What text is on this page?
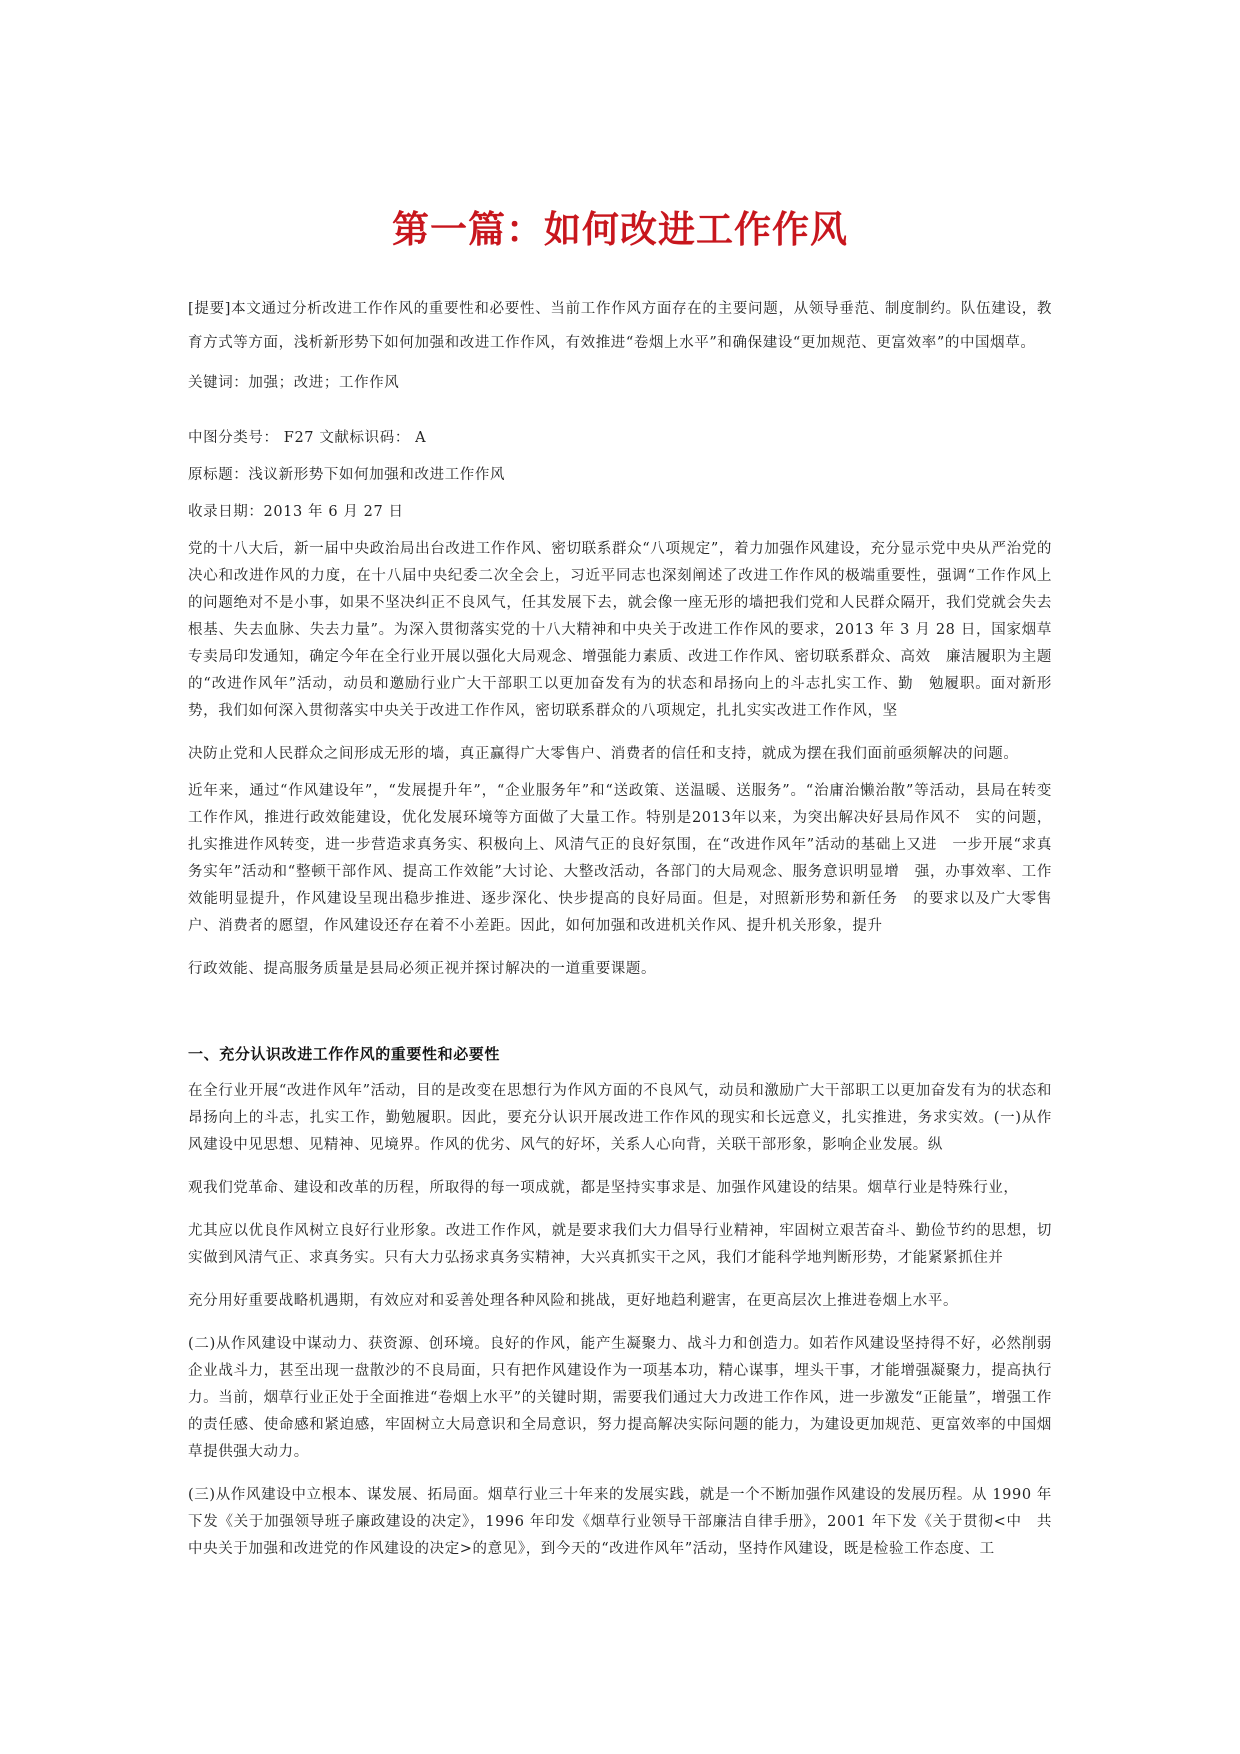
第一篇：如何改进工作作风

[提要]本文通过分析改进工作作风的重要性和必要性、当前工作作风方面存在的主要问题，从领导垂范、制度制约。队伍建设，教育方式等方面，浅析新形势下如何加强和改进工作作风，有效推进“卷烟上水平”和确保建设“更加规范、更富效率”的中国烟草。

关键词：加强；改进；工作作风

中图分类号： F27 文献标识码： A

原标题：浅议新形势下如何加强和改进工作作风

收录日期：2013 年 6 月 27 日

党的十八大后，新一届中央政治局出台改进工作作风、密切联系群众“八项规定”，着力加强作风建设，充分显示党中央从严治党的决心和改进作风的力度，在十八届中央纪委二次全会上，习近平同志也深刻阐述了改进工作作风的极端重要性，强调“工作作风上的问题绝对不是小事，如果不坚决纠正不良风气，任其发展下去，就会像一座无形的墙把我们党和人民群众隔开，我们党就会失去根基、失去血脉、失去力量”。为深入贯彻落实党的十八大精神和中央关于改进工作作风的要求，2013 年 3 月 28 日，国家烟草专卖局印发通知，确定今年在全行业开展以强化大局观念、增强能力素质、改进工作作风、密切联系群众、高效　廉洁履职为主题的“改进作风年”活动，动员和邀励行业广大干部职工以更加奋发有为的状态和昂扬向上的斗志扎实工作、勤　勉履职。面对新形势，我们如何深入贯彻落实中央关于改进工作作风，密切联系群众的八项规定，扎扎实实改进工作作风，坚

决防止党和人民群众之间形成无形的墙，真正赢得广大零售户、消费者的信任和支持，就成为摆在我们面前亟须解决的问题。

近年来，通过“作风建设年”，“发展提升年”，“企业服务年”和“送政策、送温暖、送服务”。“治庸治懒治散”等活动，县局在转变工作作风，推进行政效能建设，优化发展环境等方面做了大量工作。特别是2013年以来，为突出解决好县局作风不　实的问题，扎实推进作风转变，进一步营造求真务实、积极向上、风清气正的良好氛围，在“改进作风年”活动的基础上又进　一步开展“求真务实年”活动和“整顿干部作风、提高工作效能”大讨论、大整改活动，各部门的大局观念、服务意识明显增　强，办事效率、工作效能明显提升，作风建设呈现出稳步推进、逐步深化、快步提高的良好局面。但是，对照新形势和新任务　的要求以及广大零售户、消费者的愿望，作风建设还存在着不小差距。因此，如何加强和改进机关作风、提升机关形象，提升

行政效能、提高服务质量是县局必须正视并探讨解决的一道重要课题。

一、充分认识改进工作作风的重要性和必要性

在全行业开展“改进作风年”活动，目的是改变在思想行为作风方面的不良风气，动员和激励广大干部职工以更加奋发有为的状态和昂扬向上的斗志，扎实工作，勤勉履职。因此，要充分认识开展改进工作作风的现实和长远意义，扎实推进，务求实效。(一)从作风建设中见思想、见精神、见境界。作风的优劣、风气的好坏，关系人心向背，关联干部形象，影响企业发展。纵

观我们党革命、建设和改革的历程，所取得的每一项成就，都是坚持实事求是、加强作风建设的结果。烟草行业是特殊行业，

尤其应以优良作风树立良好行业形象。改进工作作风，就是要求我们大力倡导行业精神，牢固树立艰苦奋斗、勤俭节约的思想，切实做到风清气正、求真务实。只有大力弘扬求真务实精神，大兴真抓实干之风，我们才能科学地判断形势，才能紧紧抓住并

充分用好重要战略机遇期，有效应对和妥善处理各种风险和挑战，更好地趋利避害，在更高层次上推进卷烟上水平。

(二)从作风建设中谋动力、获资源、创环境。良好的作风，能产生凝聚力、战斗力和创造力。如若作风建设坚持得不好，必然削弱企业战斗力，甚至出现一盘散沙的不良局面，只有把作风建设作为一项基本功，精心谋事，埋头干事，才能增强凝聚力，提高执行力。当前，烟草行业正处于全面推进“卷烟上水平”的关键时期，需要我们通过大力改进工作作风，进一步激发“正能量”，增强工作的责任感、使命感和紧迫感，牢固树立大局意识和全局意识，努力提高解决实际问题的能力，为建设更加规范、更富效率的中国烟草提供强大动力。

(三)从作风建设中立根本、谋发展、拓局面。烟草行业三十年来的发展实践，就是一个不断加强作风建设的发展历程。从 1990 年下发《关于加强领导班子廉政建设的决定》，1996 年印发《烟草行业领导干部廉洁自律手册》，2001 年下发《关于贯彻<中　共中央关于加强和改进党的作风建设的决定>的意见》，到今天的“改进作风年”活动，坚持作风建设，既是检验工作态度、工
